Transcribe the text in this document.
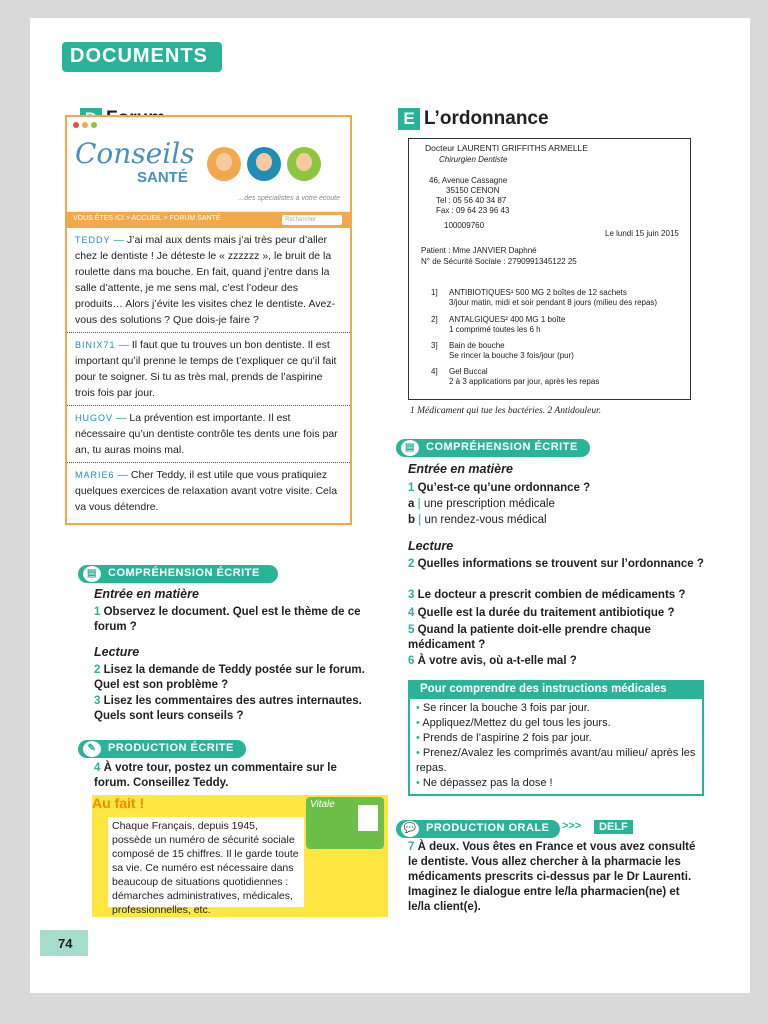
DOCUMENTS
E L’ordonnance
Conseils
SANTÉ
...des spécialistes à votre écoute
VOUS ÊTES ICI > ACCUEIL > FORUM SANTÉ	Rechercher
TEDDY — J’ai mal aux dents mais j’ai très peur d’aller chez le dentiste ! Je déteste le « zzzzzz », le bruit de la roulette dans ma bouche. En fait, quand j’entre dans la salle d’attente, je me sens mal, c’est l’odeur des produits… Alors j’évite les visites chez le dentiste. Avez-vous des solutions ? Que dois-je faire ?
BINIX71 — Il faut que tu trouves un bon dentiste. Il est important qu’il prenne le temps de t’expliquer ce qu’il fait pour te soigner. Si tu as très mal, prends de l’aspirine trois fois par jour.
HUGOV — La prévention est importante. Il est nécessaire qu’un dentiste contrôle tes dents une fois par an, tu auras moins mal.
MARIE6 — Cher Teddy, il est utile que vous pratiquiez quelques exercices de relaxation avant votre visite. Cela va vous détendre.
▤	COMPRÉHENSION ÉCRITE
Entrée en matière
1 Observez le document. Quel est le thème de ce forum ?
Lecture
2 Lisez la demande de Teddy postée sur le forum. Quel est son problème ?
3 Lisez les commentaires des autres internautes. Quels sont leurs conseils ?
✎	PRODUCTION ÉCRITE
4 À votre tour, postez un commentaire sur le forum. Conseillez Teddy.
Au fait !
Chaque Français, depuis 1945, possède un numéro de sécurité sociale composé de 15 chiffres. Il le garde toute sa vie. Ce numéro est nécessaire dans beaucoup de situations quotidiennes : démarches administratives, médicales, professionnelles, etc.
Vitale
Docteur LAURENTI GRIFFITHS ARMELLE
Chirurgien Dentiste
46, Avenue Cassagne
35150 CENON
Tel : 05 56 40 34 87
Fax : 09 64 23 96 43
100009760
Le lundi 15 juin 2015
Patient : Mme JANVIER Daphné
N° de Sécurité Sociale : 2790991345122 25
1] ANTIBIOTIQUES¹ 500 MG 2 boîtes de 12 sachets
3/jour matin, midi et soir pendant 8 jours (milieu des repas)
2] ANTALGIQUES² 400 MG 1 boîte
1 comprimé toutes les 6 h
3] Bain de bouche
Se rincer la bouche 3 fois/jour (pur)
4] Gel Buccal
2 à 3 applications par jour, après les repas
1 Médicament qui tue les bactéries. 2 Antidouleur.
▤	COMPRÉHENSION ÉCRITE
Entrée en matière
1 Qu’est-ce qu’une ordonnance ?
a | une prescription médicale
b | un rendez-vous médical
Lecture
2 Quelles informations se trouvent sur l’ordonnance ?
3 Le docteur a prescrit combien de médicaments ?
4 Quelle est la durée du traitement antibiotique ?
5 Quand la patiente doit-elle prendre chaque médicament ?
6 À votre avis, où a-t-elle mal ?
Pour comprendre des instructions médicales
• Se rincer la bouche 3 fois par jour.
• Appliquez/Mettez du gel tous les jours.
• Prends de l’aspirine 2 fois par jour.
• Prenez/Avalez les comprimés avant/au milieu/ après les repas.
• Ne dépassez pas la dose !
💬 PRODUCTION ORALE	>>>	DELF
7 À deux. Vous êtes en France et vous avez consulté le dentiste. Vous allez chercher à la pharmacie les médicaments prescrits ci-dessus par le Dr Laurenti. Imaginez le dialogue entre le/la pharmacien(ne) et le/la client(e).
74
